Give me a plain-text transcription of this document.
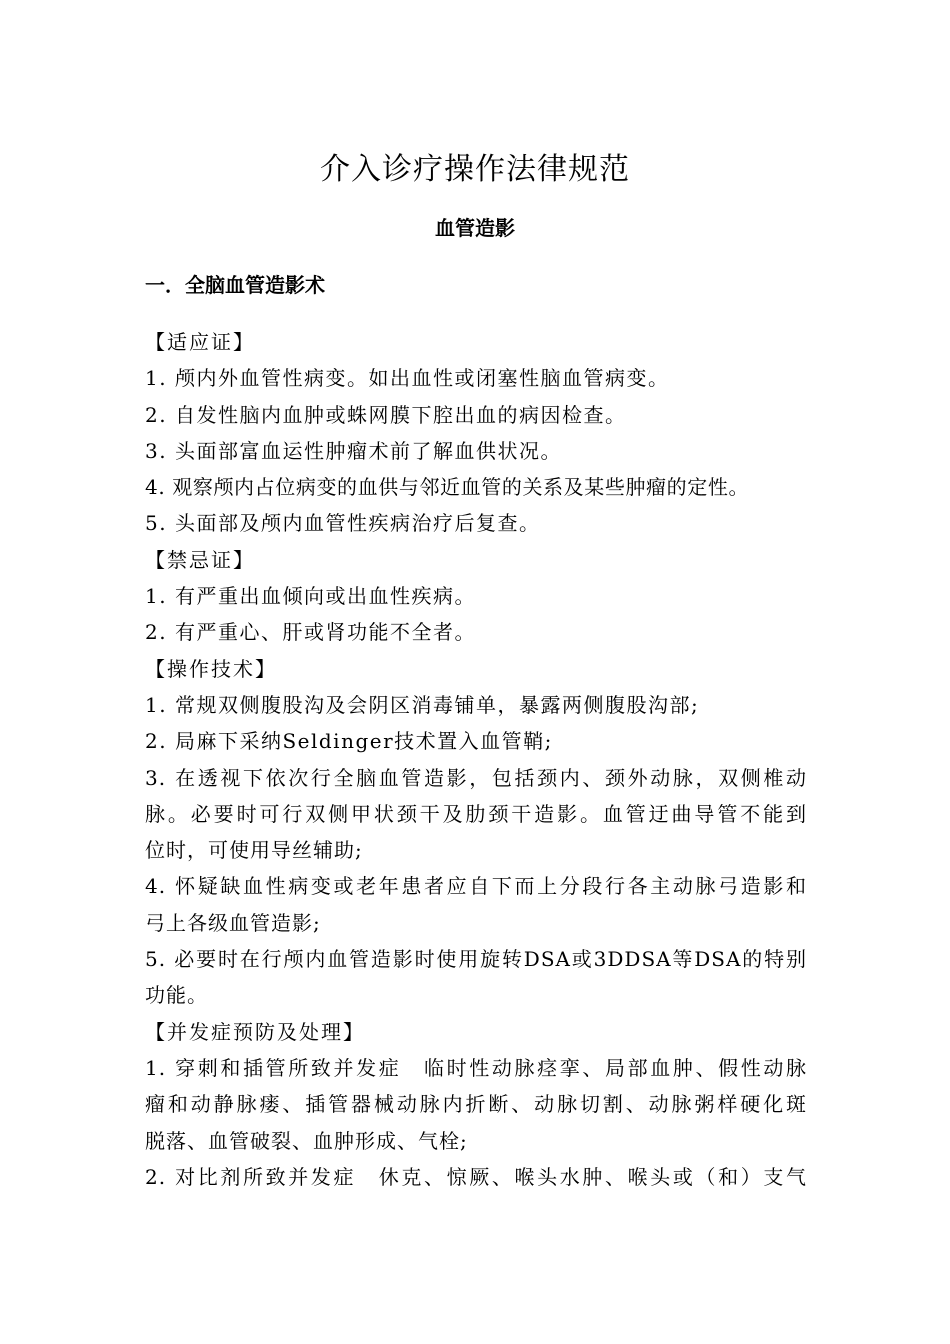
介入诊疗操作法律规范
血管造影
一．全脑血管造影术

【适应证】

1. 颅内外血管性病变。如出血性或闭塞性脑血管病变。

2. 自发性脑内血肿或蛛网膜下腔出血的病因检查。

3. 头面部富血运性肿瘤术前了解血供状况。

4. 观察颅内占位病变的血供与邻近血管的关系及某些肿瘤的定性。

5. 头面部及颅内血管性疾病治疗后复查。

【禁忌证】

1. 有严重出血倾向或出血性疾病。

2. 有严重心、肝或肾功能不全者。

【操作技术】

1. 常规双侧腹股沟及会阴区消毒铺单，暴露两侧腹股沟部;

2. 局麻下采纳Seldinger技术置入血管鞘;

3. 在透视下依次行全脑血管造影，包括颈内、颈外动脉，双侧椎动

脉。必要时可行双侧甲状颈干及肋颈干造影。血管迂曲导管不能到

位时，可使用导丝辅助;

4. 怀疑缺血性病变或老年患者应自下而上分段行各主动脉弓造影和

弓上各级血管造影;

5. 必要时在行颅内血管造影时使用旋转DSA或3DDSA等DSA的特别

功能。

【并发症预防及处理】

1. 穿刺和插管所致并发症　临时性动脉痉挛、局部血肿、假性动脉

瘤和动静脉瘘、插管器械动脉内折断、动脉切割、动脉粥样硬化斑

脱落、血管破裂、血肿形成、气栓;

2. 对比剂所致并发症　休克、惊厥、喉头水肿、喉头或（和）支气
